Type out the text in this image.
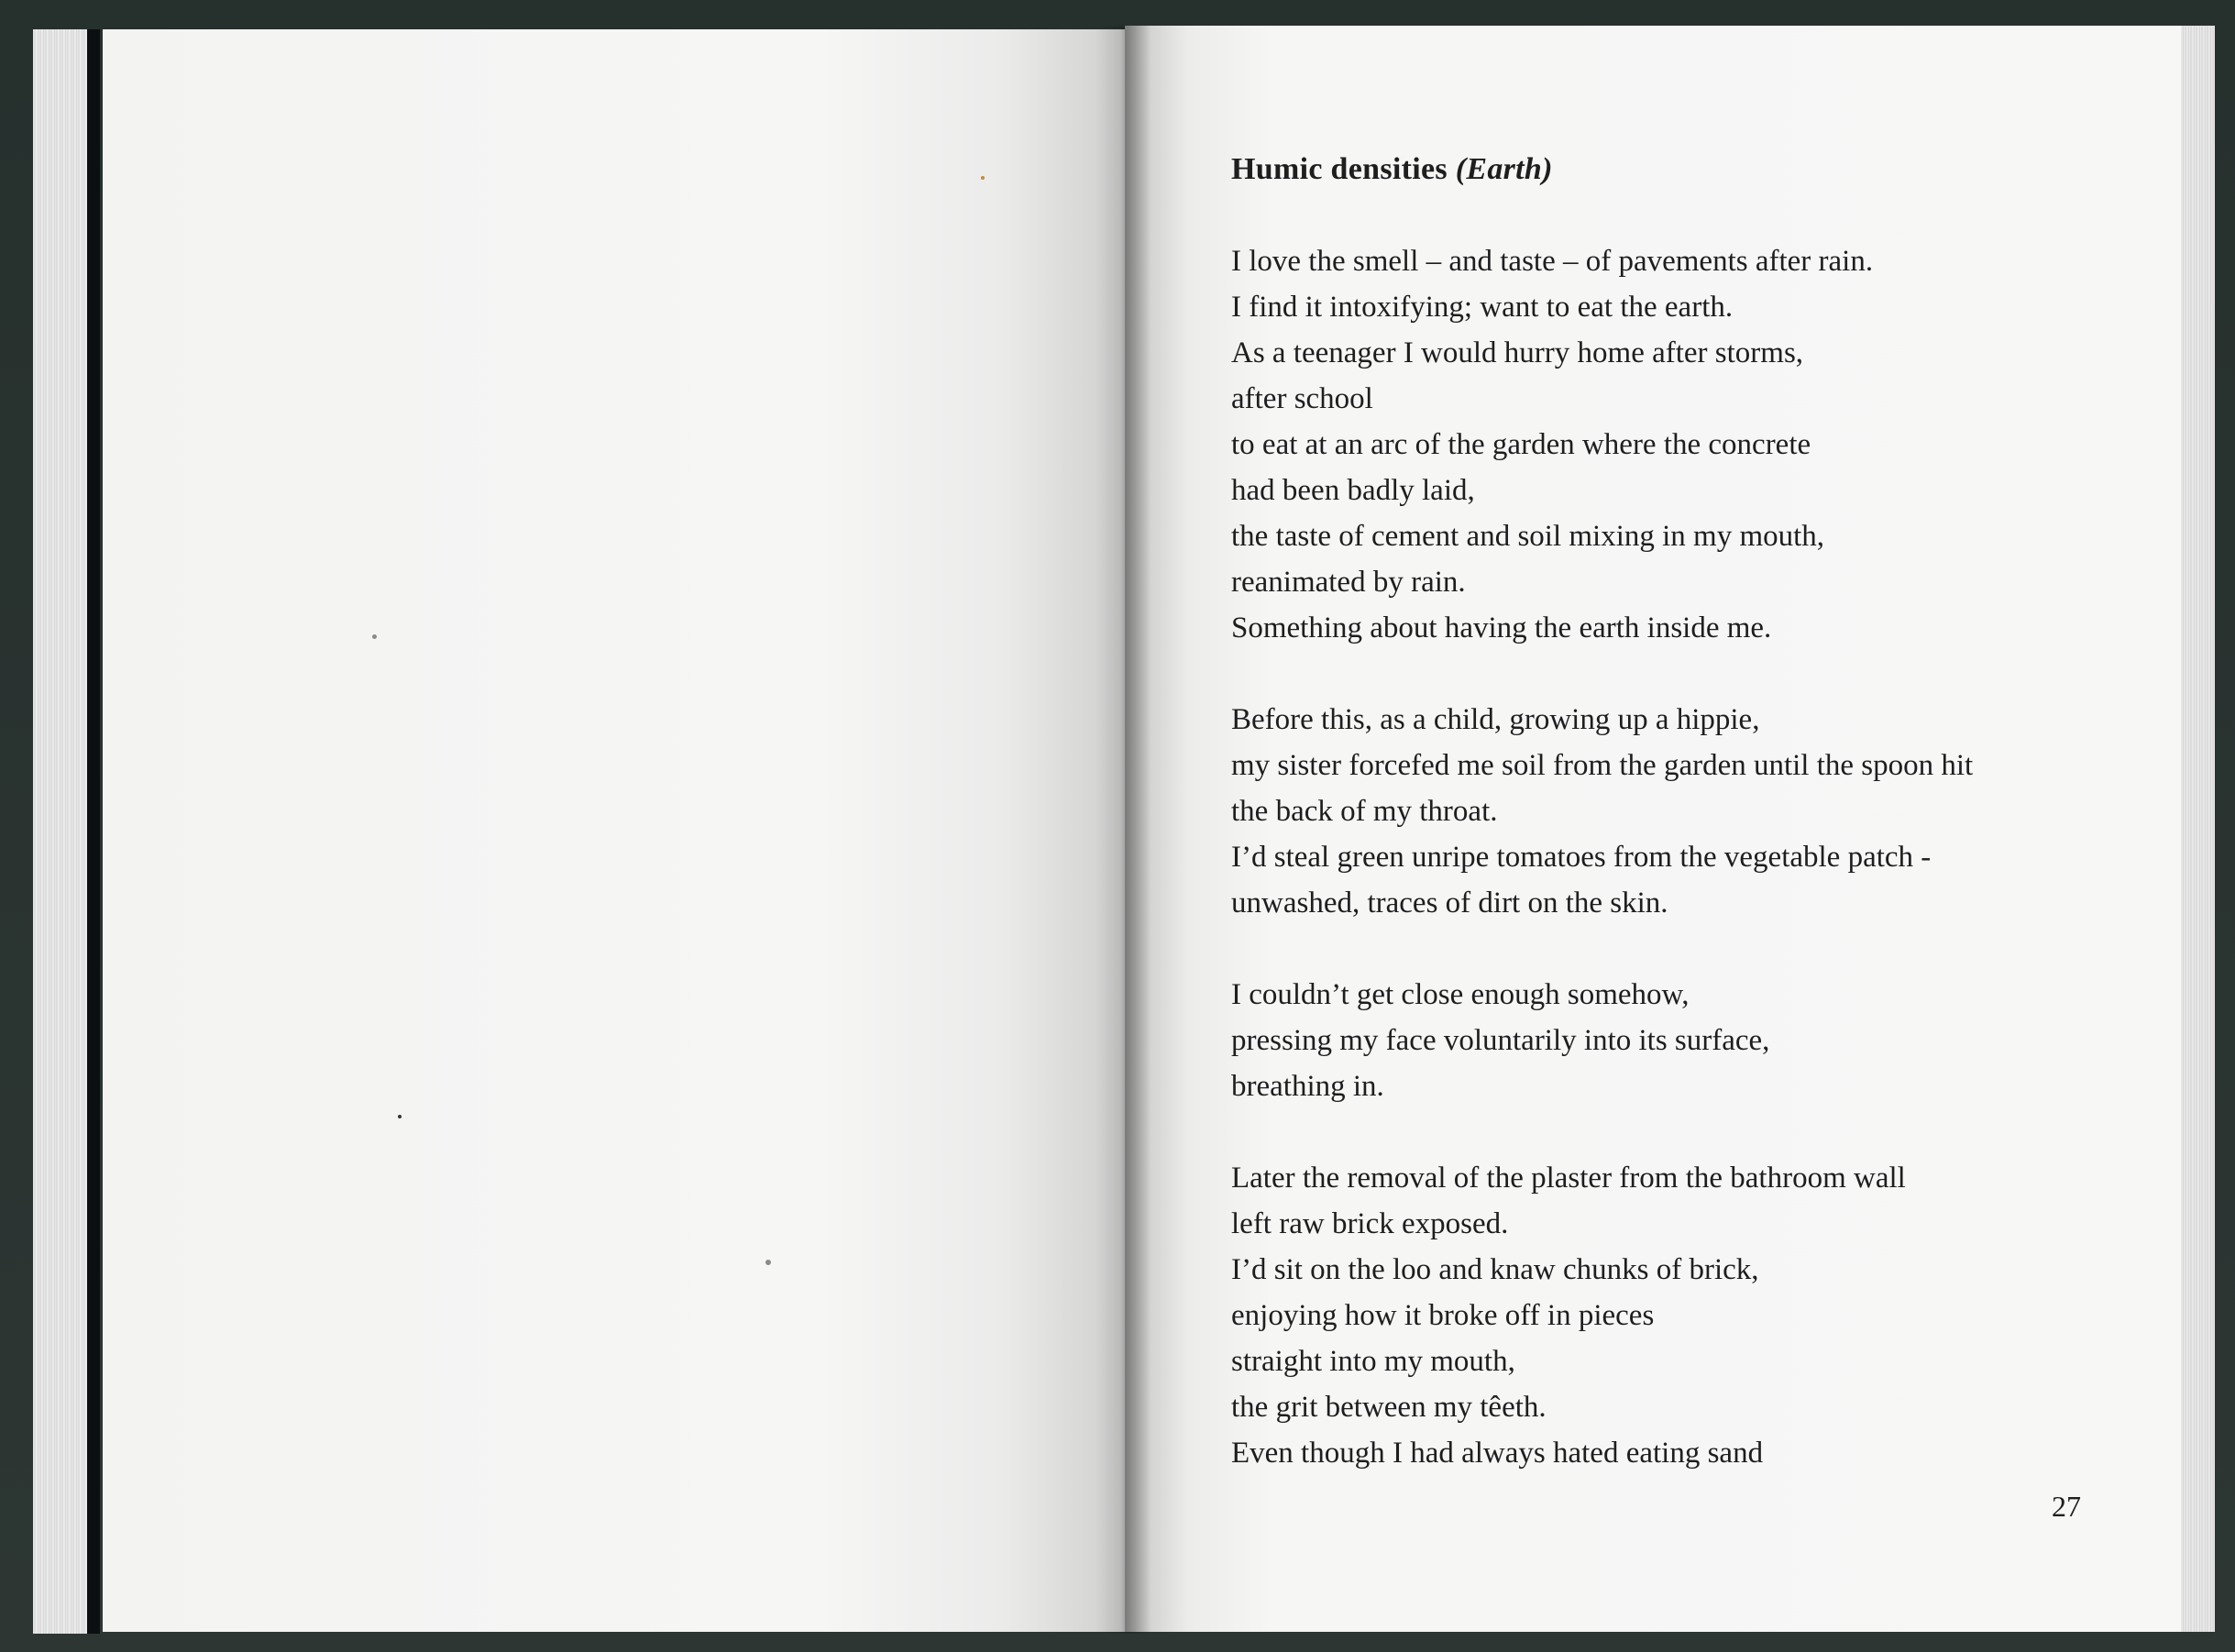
Humic densities (Earth)
I love the smell – and taste – of pavements after rain.
I find it intoxifying; want to eat the earth.
As a teenager I would hurry home after storms,
after school
to eat at an arc of the garden where the concrete
had been badly laid,
the taste of cement and soil mixing in my mouth,
reanimated by rain.
Something about having the earth inside me.
Before this, as a child, growing up a hippie,
my sister forcefed me soil from the garden until the spoon hit
the back of my throat.
I’d steal green unripe tomatoes from the vegetable patch -
unwashed, traces of dirt on the skin.
I couldn’t get close enough somehow,
pressing my face voluntarily into its surface,
breathing in.
Later the removal of the plaster from the bathroom wall
left raw brick exposed.
I’d sit on the loo and knaw chunks of brick,
enjoying how it broke off in pieces
straight into my mouth,
the grit between my têeth.
Even though I had always hated eating sand
27
